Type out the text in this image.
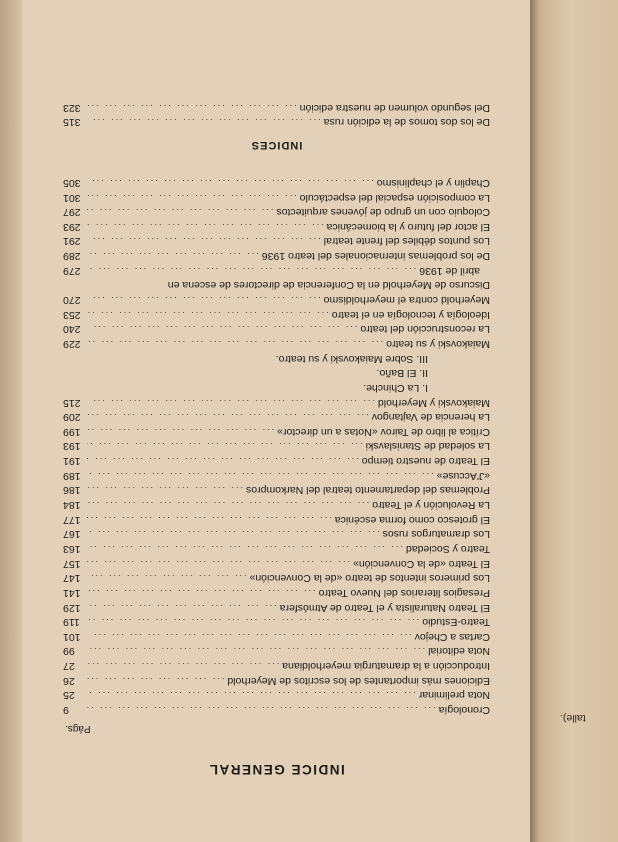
INDICE GENERAL
Págs.
Cronología
... .
9
Nota preliminar
... .
25
Ediciones más importantes de los escritos de Meyerhold
... .
26
Introducción a la dramaturgia meyerholdiana
... .
27
Nota editorial
... .
99
Cartas a Chejov
... .
101
Teatro-Estudio
... .
119
El Teatro Naturalista y el Teatro de Atmósfera
... .
129
Presagios literarios del Nuevo Teatro
... .
141
Los primeros intentos de teatro «de la Convención»
... .
147
El Teatro «de la Convención»
... .
157
Teatro y Sociedad
... .
163
Los dramaturgos rusos
... .
167
El grotesco como forma escénica
... .
177
La Revolución y el Teatro
... .
184
Problemas del departamento teatral del Narkompros
... .
186
«J'Accuse»
... .
189
El Teatro de nuestro tiempo
... .
191
La soledad de Stanislavski
... .
193
Crítica al libro de Tairov «Notas a un director»
... .
199
La herencia de Vajtangov
... .
209
Maiakovski y Meyerhold
... .
215
I. La Chinche.
II. El Baño.
III. Sobre Maiakovski y su teatro.
Maiakovski y su teatro
... .
229
La reconstrucción del teatro
... .
240
Ideología y tecnología en el teatro
... .
253
Meyerhold contra el meyerholdismo
... .
270
Discurso de Meyerhold en la Conferencia de directores de escena en
abril de 1936
... .
279
De los problemas internacionales del teatro 1936
... .
289
Los puntos débiles del frente teatral
... .
291
El actor del futuro y la biomecánica
... .
293
Coloquio con un grupo de jóvenes arquitectos
... .
297
La composición espacial del espectáculo
... .
301
Chaplin y el chaplinismo
... .
305
INDICES
De los dos tomos de la edición rusa
... .
315
Del segundo volumen de nuestra edición
... .
323
talle).
